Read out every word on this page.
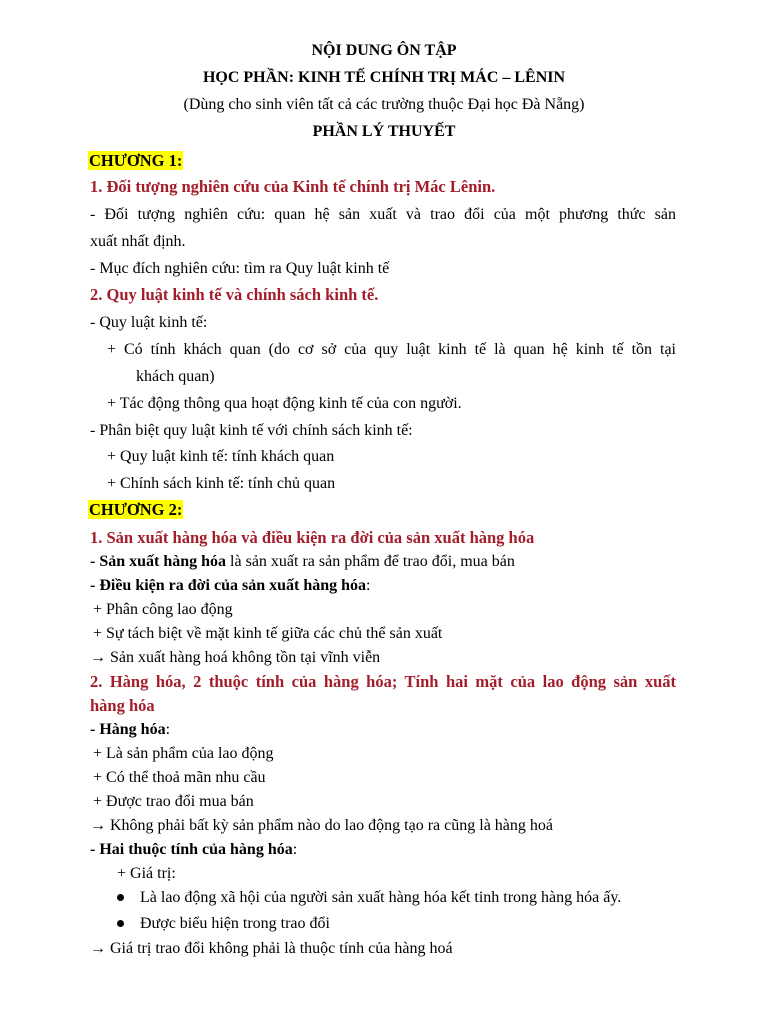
NỘI DUNG ÔN TẬP
HỌC PHẦN: KINH TẾ CHÍNH TRỊ MÁC – LÊNIN
(Dùng cho sinh viên tất cả các trường thuộc Đại học Đà Nẵng)
PHẦN LÝ THUYẾT
CHƯƠNG 1:
1. Đối tượng nghiên cứu của Kinh tế chính trị Mác Lênin.
- Đối tượng nghiên cứu: quan hệ sản xuất và trao đổi của một phương thức sản
xuất nhất định.
- Mục đích nghiên cứu: tìm ra Quy luật kinh tế
2. Quy luật kinh tế và chính sách kinh tế.
- Quy luật kinh tế:
+ Có tính khách quan (do cơ sở của quy luật kinh tế là quan hệ kinh tế tồn tại
khách quan)
+ Tác động thông qua hoạt động kinh tế của con người.
- Phân biệt quy luật kinh tế với chính sách kinh tế:
+ Quy luật kinh tế: tính khách quan
+ Chính sách kinh tế: tính chủ quan
CHƯƠNG 2:
1. Sản xuất hàng hóa và điều kiện ra đời của sản xuất hàng hóa
- Sản xuất hàng hóa là sản xuất ra sản phẩm để trao đổi, mua bán
- Điều kiện ra đời của sản xuất hàng hóa:
+ Phân công lao động
+ Sự tách biệt về mặt kinh tế giữa các chủ thể sản xuất
→ Sản xuất hàng hoá không tồn tại vĩnh viễn
2. Hàng hóa, 2 thuộc tính của hàng hóa; Tính hai mặt của lao động sản xuất
hàng hóa
- Hàng hóa:
+ Là sản phẩm của lao động
+ Có thể thoả mãn nhu cầu
+ Được trao đổi mua bán
→ Không phải bất kỳ sản phẩm nào do lao động tạo ra cũng là hàng hoá
- Hai thuộc tính của hàng hóa:
+ Giá trị:
Là lao động xã hội của người sản xuất hàng hóa kết tinh trong hàng hóa ấy.
Được biểu hiện trong trao đổi
→ Giá trị trao đổi không phải là thuộc tính của hàng hoá
